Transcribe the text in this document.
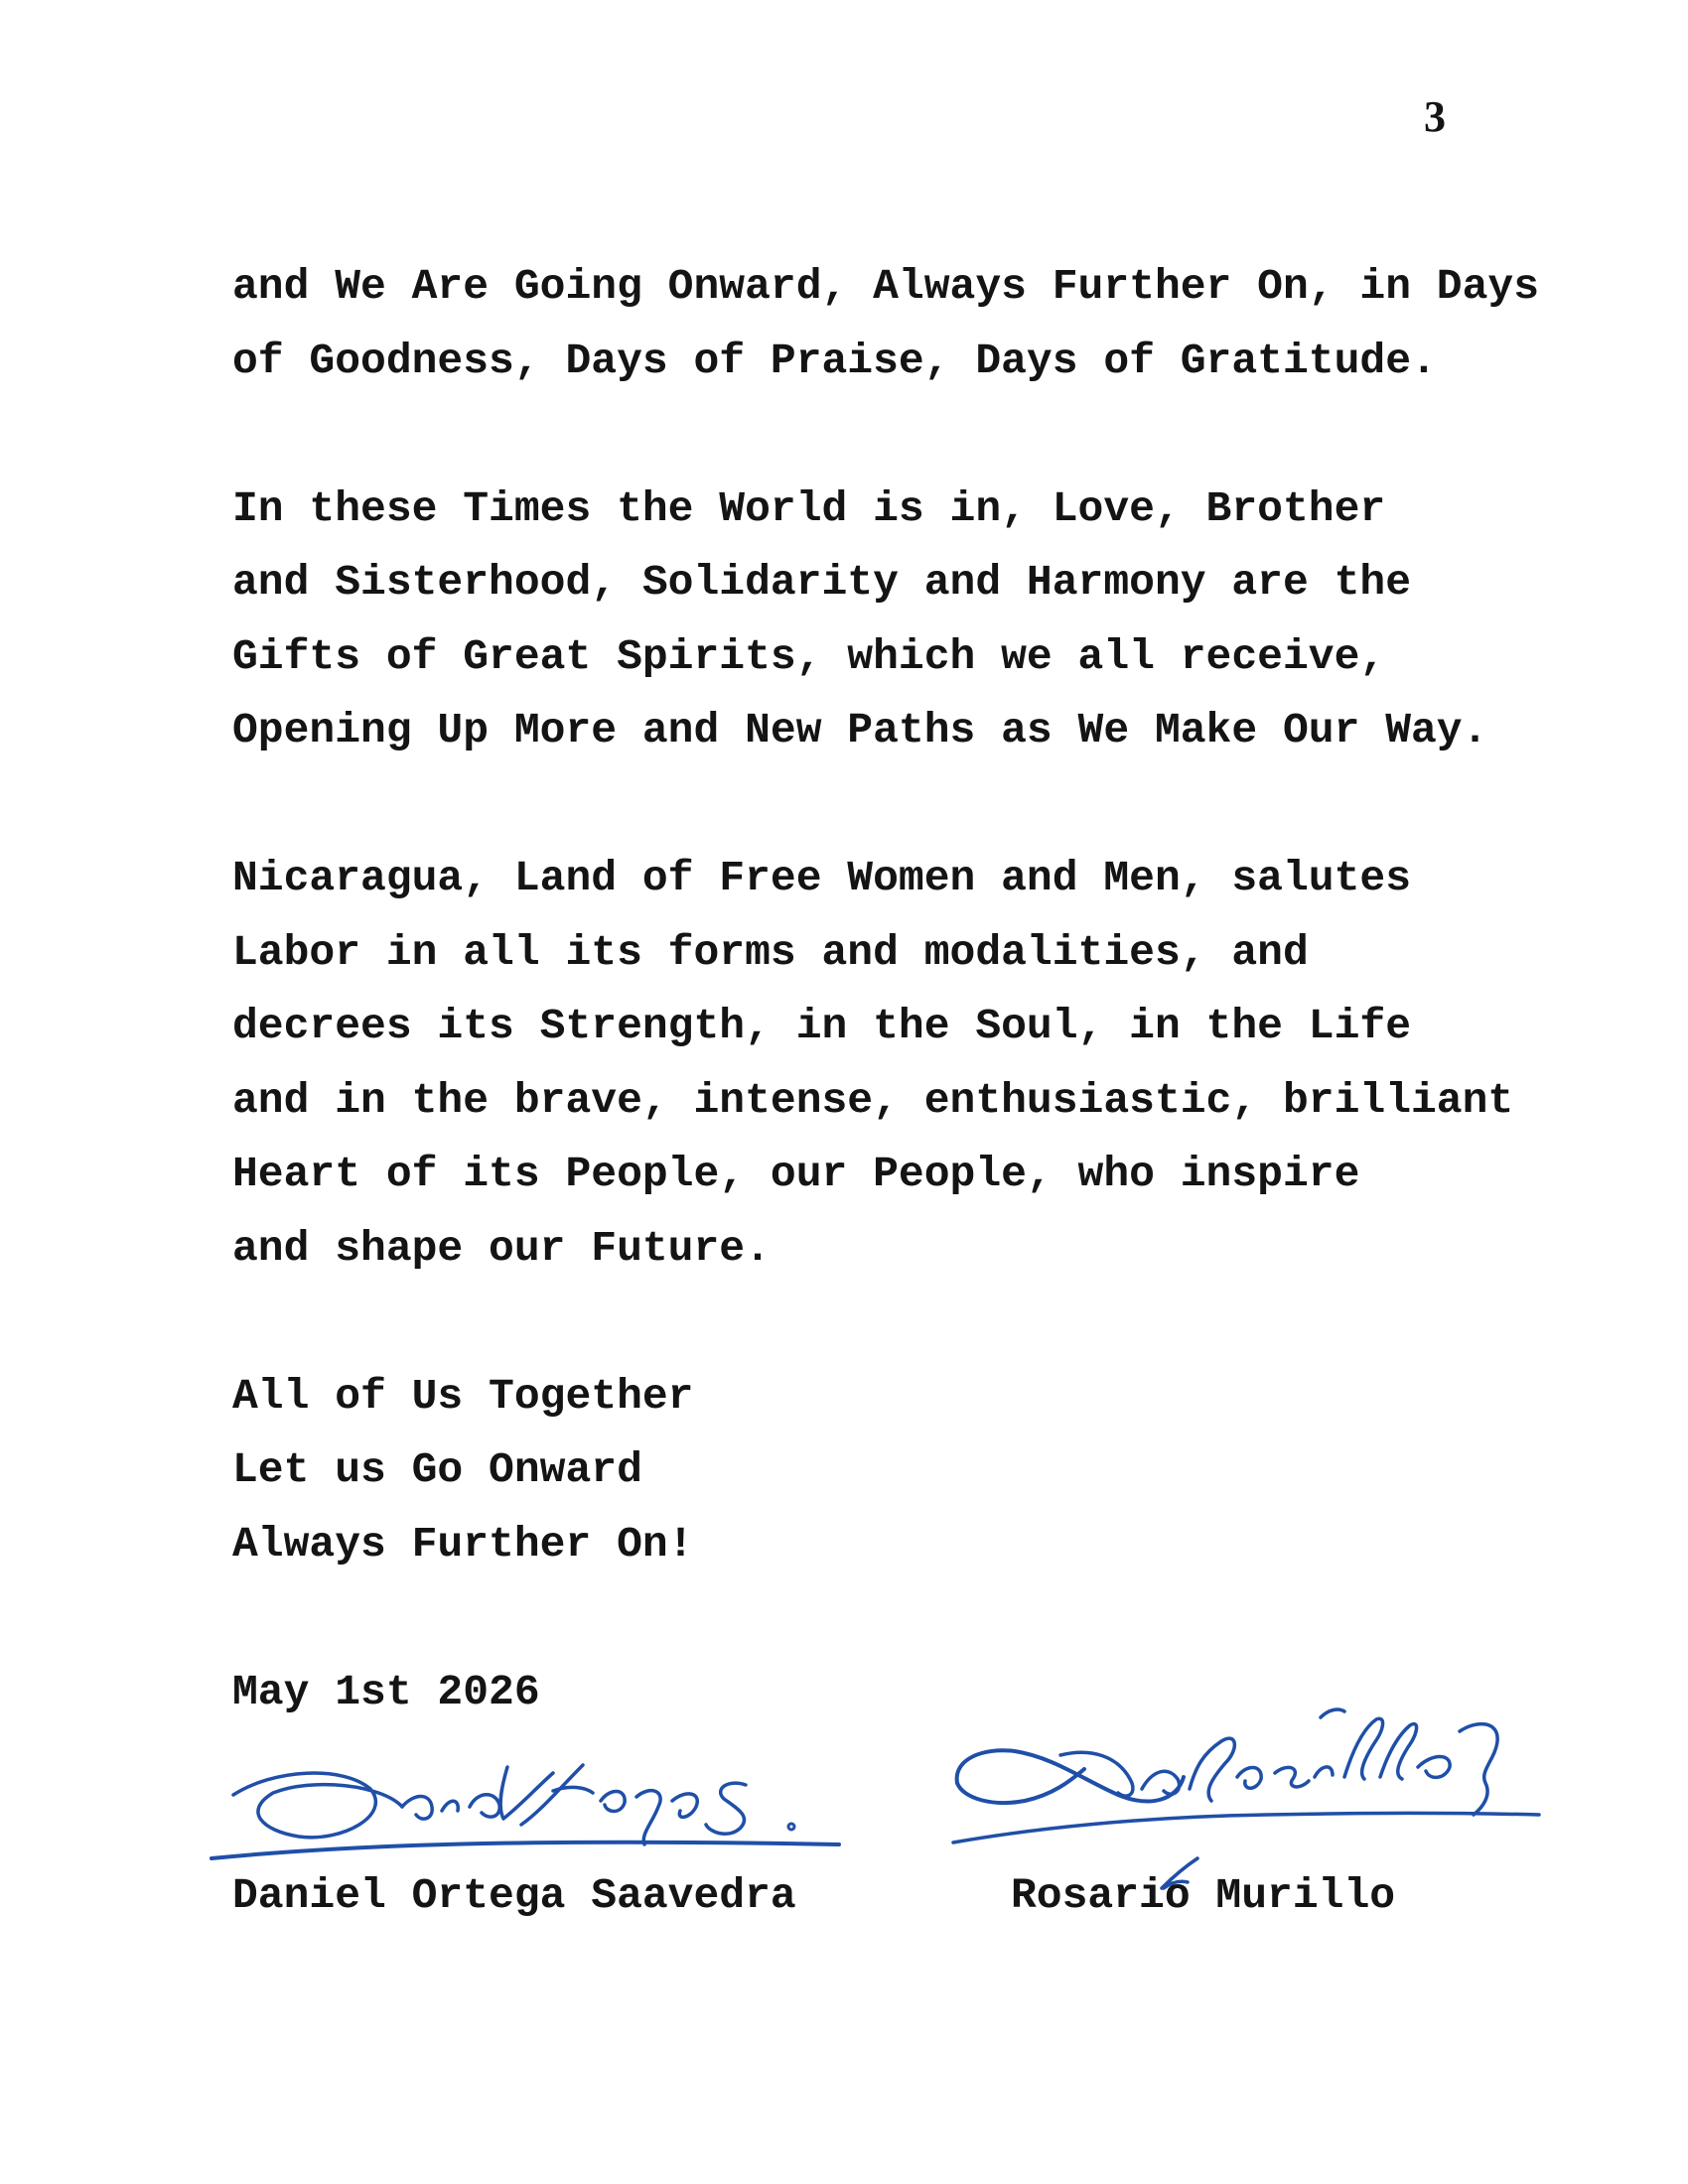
3

and We Are Going Onward, Always Further On, in Days
of Goodness, Days of Praise, Days of Gratitude.

In these Times the World is in, Love, Brother
and Sisterhood, Solidarity and Harmony are the
Gifts of Great Spirits, which we all receive,
Opening Up More and New Paths as We Make Our Way.

Nicaragua, Land of Free Women and Men, salutes
Labor in all its forms and modalities, and
decrees its Strength, in the Soul, in the Life
and in the brave, intense, enthusiastic, brilliant
Heart of its People, our People, who inspire
and shape our Future.

All of Us Together
Let us Go Onward
Always Further On!

May 1st 2026

Daniel Ortega Saavedra	Rosario Murillo
